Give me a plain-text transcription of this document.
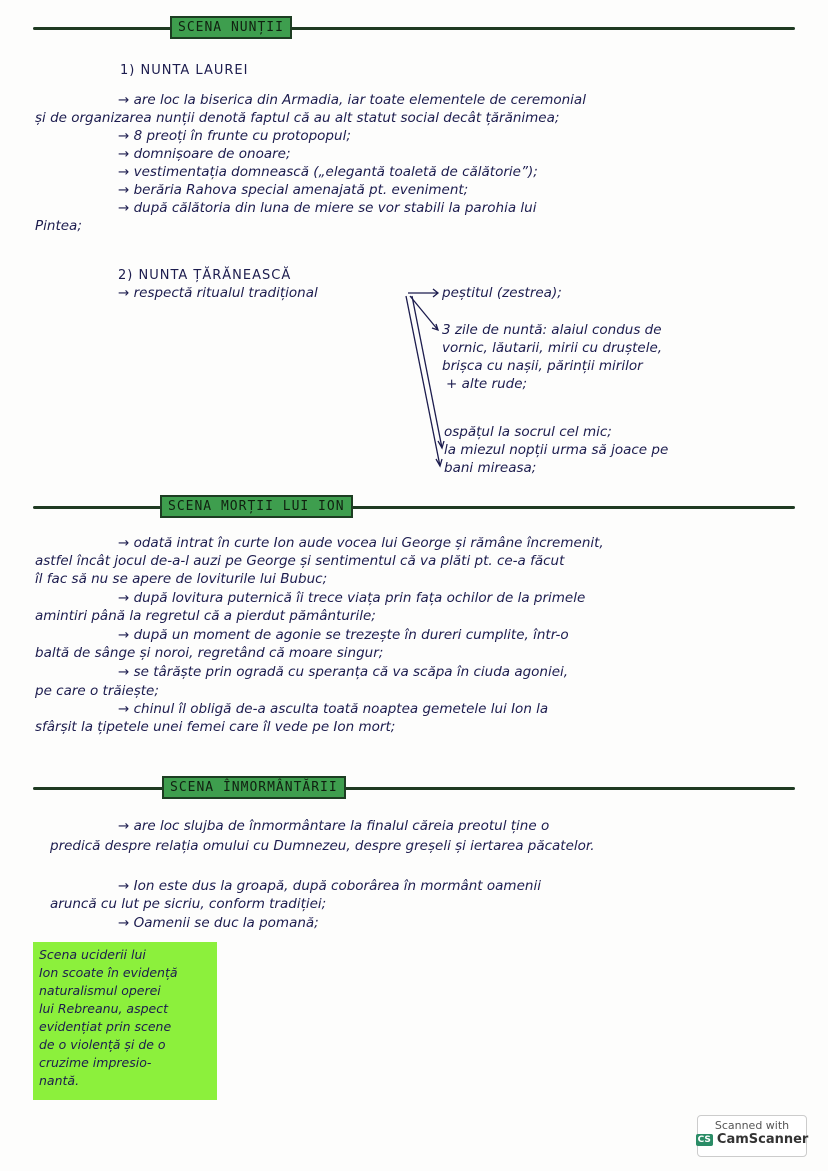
SCENA NUNȚII
1) NUNTA LAUREI
→ are loc la biserica din Armadia, iar toate elementele de ceremonial
și de organizarea nunții denotă faptul că au alt statut social decât țărănimea;
→ 8 preoți în frunte cu protopopul;
→ domnișoare de onoare;
→ vestimentația domnească („elegantă toaletă de călătorie”);
→ berăria Rahova special amenajată pt. eveniment;
→ după călătoria din luna de miere se vor stabili la parohia lui
Pintea;
2) NUNTA ȚĂRĂNEASCĂ
→ respectă ritualul tradițional	peștitul (zestrea);
3 zile de nuntă: alaiul condus de
vornic, lăutarii, mirii cu druștele,
brișca cu nașii, părinții mirilor
+ alte rude;
ospățul la socrul cel mic;
la miezul nopții urma să joace pe
bani mireasa;
SCENA MORȚII LUI ION
→ odată intrat în curte Ion aude vocea lui George și rămâne încremenit,
astfel încât jocul de-a-l auzi pe George și sentimentul că va plăti pt. ce-a făcut
îl fac să nu se apere de loviturile lui Bubuc;
→ după lovitura puternică îi trece viața prin fața ochilor de la primele
amintiri până la regretul că a pierdut pământurile;
→ după un moment de agonie se trezește în dureri cumplite, într-o
baltă de sânge și noroi, regretând că moare singur;
→ se târăște prin ogradă cu speranța că va scăpa în ciuda agoniei,
pe care o trăiește;
→ chinul îl obligă de-a asculta toată noaptea gemetele lui Ion la
sfârșit la țipetele unei femei care îl vede pe Ion mort;
SCENA ÎNMORMÂNTĂRII
→ are loc slujba de înmormântare la finalul căreia preotul ține o
predică despre relația omului cu Dumnezeu, despre greșeli și iertarea păcatelor.
→ Ion este dus la groapă, după coborârea în mormânt oamenii
aruncă cu lut pe sicriu, conform tradiției;
→ Oamenii se duc la pomană;
Scena uciderii lui
Ion scoate în evidență
naturalismul operei
lui Rebreanu, aspect
evidențiat prin scene
de o violență și de o
cruzime impresio-
nantă.
Scanned with
CS CamScanner
